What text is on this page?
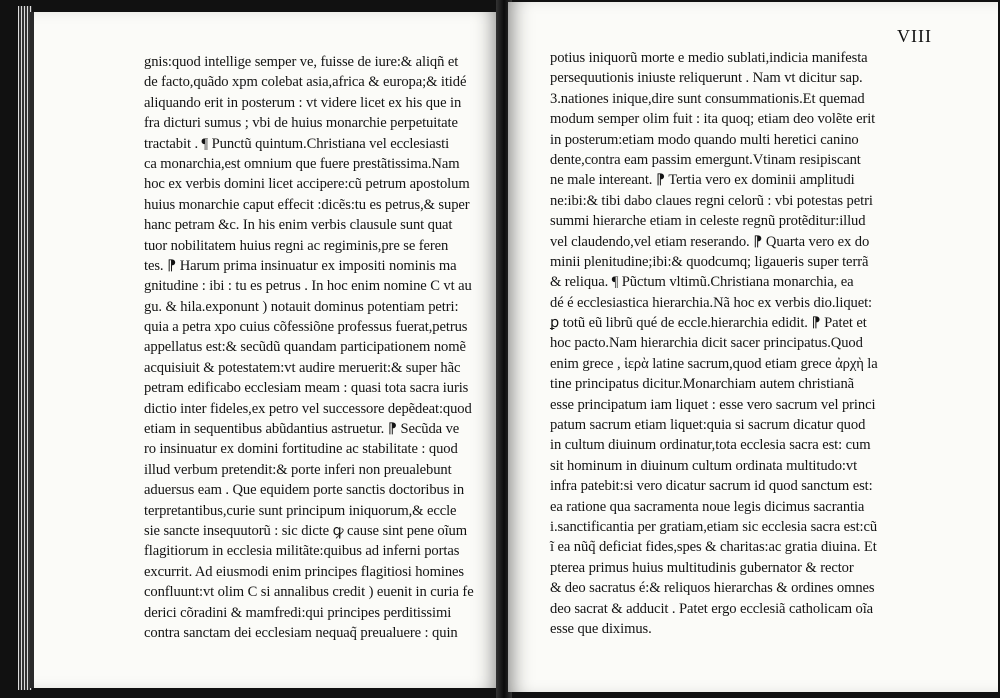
gnis:quod intellige semper ve, fuisse de iure:& aliqñ et
de facto,quãdo xpm colebat asia,africa & europa;& itidé
aliquando erit in posterum : vt videre licet ex his que in
fra dicturi sumus ; vbi de huius monarchie perpetuitate
tractabit . ¶ Punctũ quintum.Christiana vel ecclesiasti
ca monarchia,est omnium que fuere prestãtissima.Nam
hoc ex verbis domini licet accipere:cũ petrum apostolum
huius monarchie caput effecit :dicẽs:tu es petrus,& super
hanc petram &c. In his enim verbis clausule sunt quat
tuor nobilitatem huius regni ac regiminis,pre se feren
tes. ⁋ Harum prima insinuatur ex impositi nominis ma
gnitudine : ibi : tu es petrus . In hoc enim nomine C vt au
gu. & hila.exponunt ) notauit dominus potentiam petri:
quia a petra xpo cuius cõfessiõne professus fuerat,petrus
appellatus est:& secũdũ quandam participationem nomẽ
acquisiuit & potestatem:vt audire meruerit:& super hãc
petram edificabo ecclesiam meam : quasi tota sacra iuris
dictio inter fideles,ex petro vel successore depẽdeat:quod
etiam in sequentibus abũdantius astruetur. ⁋ Secũda ve
ro insinuatur ex domini fortitudine ac stabilitate : quod
illud verbum pretendit:& porte inferi non preualebunt
aduersus eam . Que equidem porte sanctis doctoribus in
terpretantibus,curie sunt principum iniquorum,& eccle
sie sancte insequutorũ : sic dicte ꝙ cause sint pene oĩum
flagitiorum in ecclesia militãte:quibus ad inferni portas
excurrit. Ad eiusmodi enim principes flagitiosi homines
confluunt:vt olim C si annalibus credit ) euenit in curia fe
derici cõradini & mamfredi:qui principes perditissimi
contra sanctam dei ecclesiam nequaq̃ preualuere : quin
VIII
potius iniquorũ morte e medio sublati,indicia manifesta
persequutionis iniuste reliquerunt . Nam vt dicitur sap.
3.nationes inique,dire sunt consummationis.Et quemad
modum semper olim fuit : ita quoq; etiam deo volẽte erit
in posterum:etiam modo quando multi heretici canino
dente,contra eam passim emergunt.Vtinam resipiscant
ne male intereant. ⁋ Tertia vero ex dominii amplitudi
ne:ibi:& tibi dabo claues regni celorũ : vbi potestas petri
summi hierarche etiam in celeste regnũ protẽditur:illud
vel claudendo,vel etiam reserando. ⁋ Quarta vero ex do
minii plenitudine;ibi:& quodcumq; ligaueris super terrã
& reliqua. ¶ Pũctum vltimũ.Christiana monarchia, ea
dé é ecclesiastica hierarchia.Nã hoc ex verbis dio.liquet:
ꝑ totũ eũ librũ qué de eccle.hierarchia edidit. ⁋ Patet et
hoc pacto.Nam hierarchia dicit sacer principatus.Quod
enim grece , ἱερὰ latine sacrum,quod etiam grece ἀρχὴ la
tine principatus dicitur.Monarchiam autem christianã
esse principatum iam liquet : esse vero sacrum vel princi
patum sacrum etiam liquet:quia si sacrum dicatur quod
in cultum diuinum ordinatur,tota ecclesia sacra est: cum
sit hominum in diuinum cultum ordinata multitudo:vt
infra patebit:si vero dicatur sacrum id quod sanctum est:
ea ratione qua sacramenta noue legis dicimus sacrantia
i.sanctificantia per gratiam,etiam sic ecclesia sacra est:cũ
ĩ ea nũq̃ deficiat fides,spes & charitas:ac gratia diuina. Et
pterea primus huius multitudinis gubernator & rector
& deo sacratus é:& reliquos hierarchas & ordines omnes
deo sacrat & adducit . Patet ergo ecclesiã catholicam oĩa
esse que diximus.
